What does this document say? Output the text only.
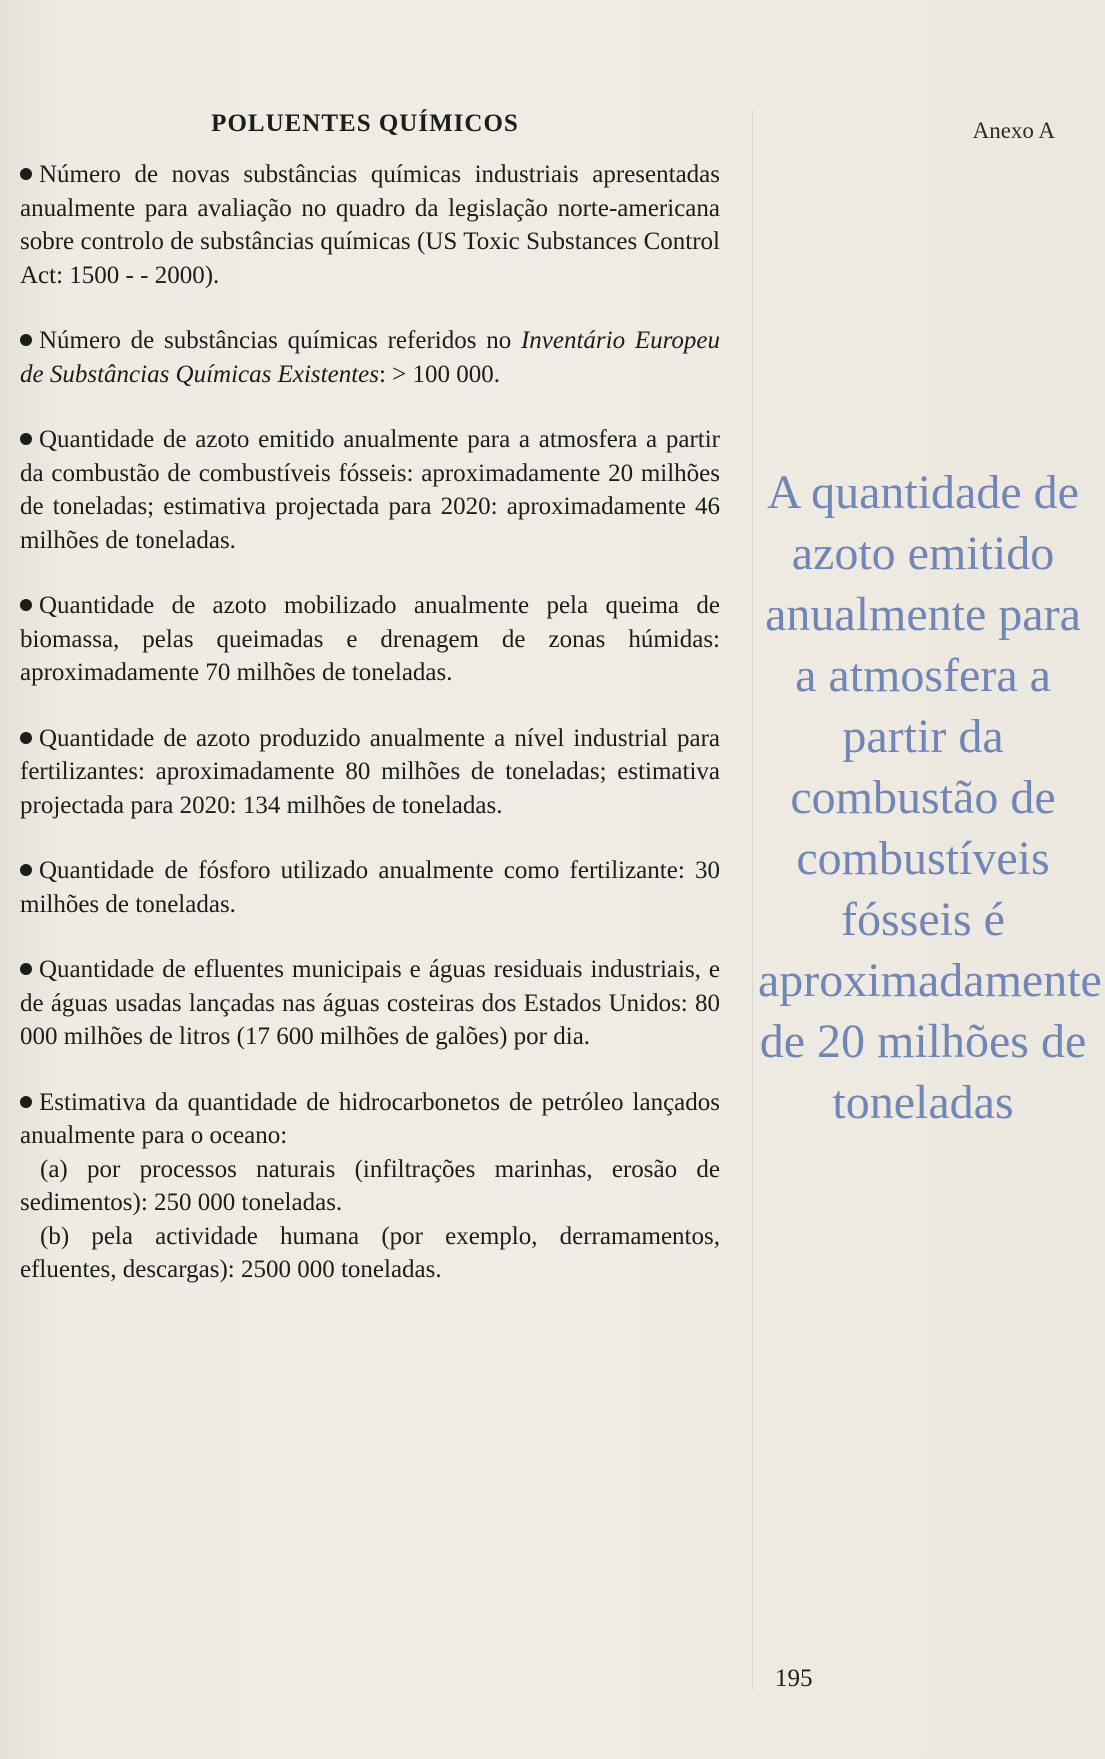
Anexo A
POLUENTES QUÍMICOS
Número de novas substâncias químicas industriais apresentadas anualmente para avaliação no quadro da legislação norte-americana sobre controlo de substâncias químicas (US Toxic Substances Control Act: 1500 - - 2000).
Número de substâncias químicas referidos no Inventário Europeu de Substâncias Químicas Existentes: > 100 000.
Quantidade de azoto emitido anualmente para a atmosfera a partir da combustão de combustíveis fósseis: aproximadamente 20 milhões de toneladas; estimativa projectada para 2020: aproximadamente 46 milhões de toneladas.
Quantidade de azoto mobilizado anualmente pela queima de biomassa, pelas queimadas e drenagem de zonas húmidas: aproximadamente 70 milhões de toneladas.
Quantidade de azoto produzido anualmente a nível industrial para fertilizantes: aproximadamente 80 milhões de toneladas; estimativa projectada para 2020: 134 milhões de toneladas.
Quantidade de fósforo utilizado anualmente como fertilizante: 30 milhões de toneladas.
Quantidade de efluentes municipais e águas residuais industriais, e de águas usadas lançadas nas águas costeiras dos Estados Unidos: 80 000 milhões de litros (17 600 milhões de galões) por dia.
Estimativa da quantidade de hidrocarbonetos de petróleo lançados anualmente para o oceano:
(a) por processos naturais (infiltrações marinhas, erosão de sedimentos): 250 000 toneladas.
(b) pela actividade humana (por exemplo, derramamentos, efluentes, descargas): 2500 000 toneladas.
A quantidade de azoto emitido anualmente para a atmosfera a partir da combustão de combustíveis fósseis é aproximadamente de 20 milhões de toneladas
195
